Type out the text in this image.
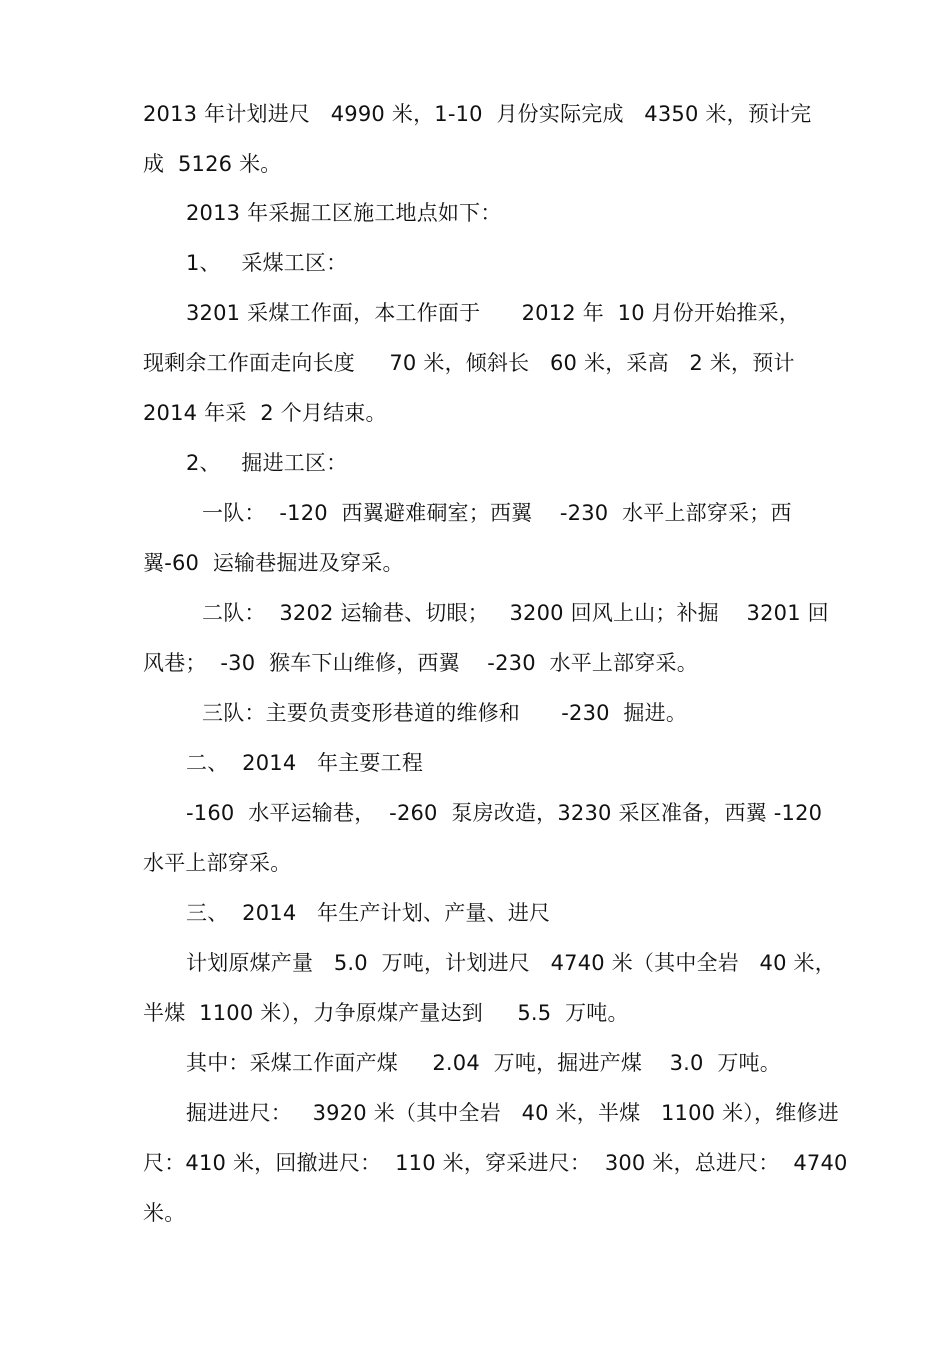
2013 年计划进尺   4990 米，1-10  月份实际完成   4350 米，预计完
成  5126 米。
2013 年采掘工区施工地点如下：
1、   采煤工区：
3201 采煤工作面，本工作面于      2012 年  10 月份开始推采，
现剩余工作面走向长度     70 米，倾斜长   60 米，采高   2 米，预计
2014 年采  2 个月结束。
2、   掘进工区：
一队：  -120  西翼避难硐室；西翼    -230  水平上部穿采；西
翼-60  运输巷掘进及穿采。
二队：  3202 运输巷、切眼；   3200 回风上山；补掘    3201 回
风巷；  -30  猴车下山维修，西翼    -230  水平上部穿采。
三队：主要负责变形巷道的维修和      -230  掘进。
二、  2014   年主要工程
-160  水平运输巷，  -260  泵房改造，3230 采区准备，西翼 -120
水平上部穿采。
三、  2014   年生产计划、产量、进尺
计划原煤产量   5.0  万吨，计划进尺   4740 米（其中全岩   40 米，
半煤  1100 米），力争原煤产量达到     5.5  万吨。
其中：采煤工作面产煤     2.04  万吨，掘进产煤    3.0  万吨。
掘进进尺：   3920 米（其中全岩   40 米，半煤   1100 米），维修进
尺：410 米，回撤进尺：  110 米，穿采进尺：  300 米，总进尺：  4740
米。
